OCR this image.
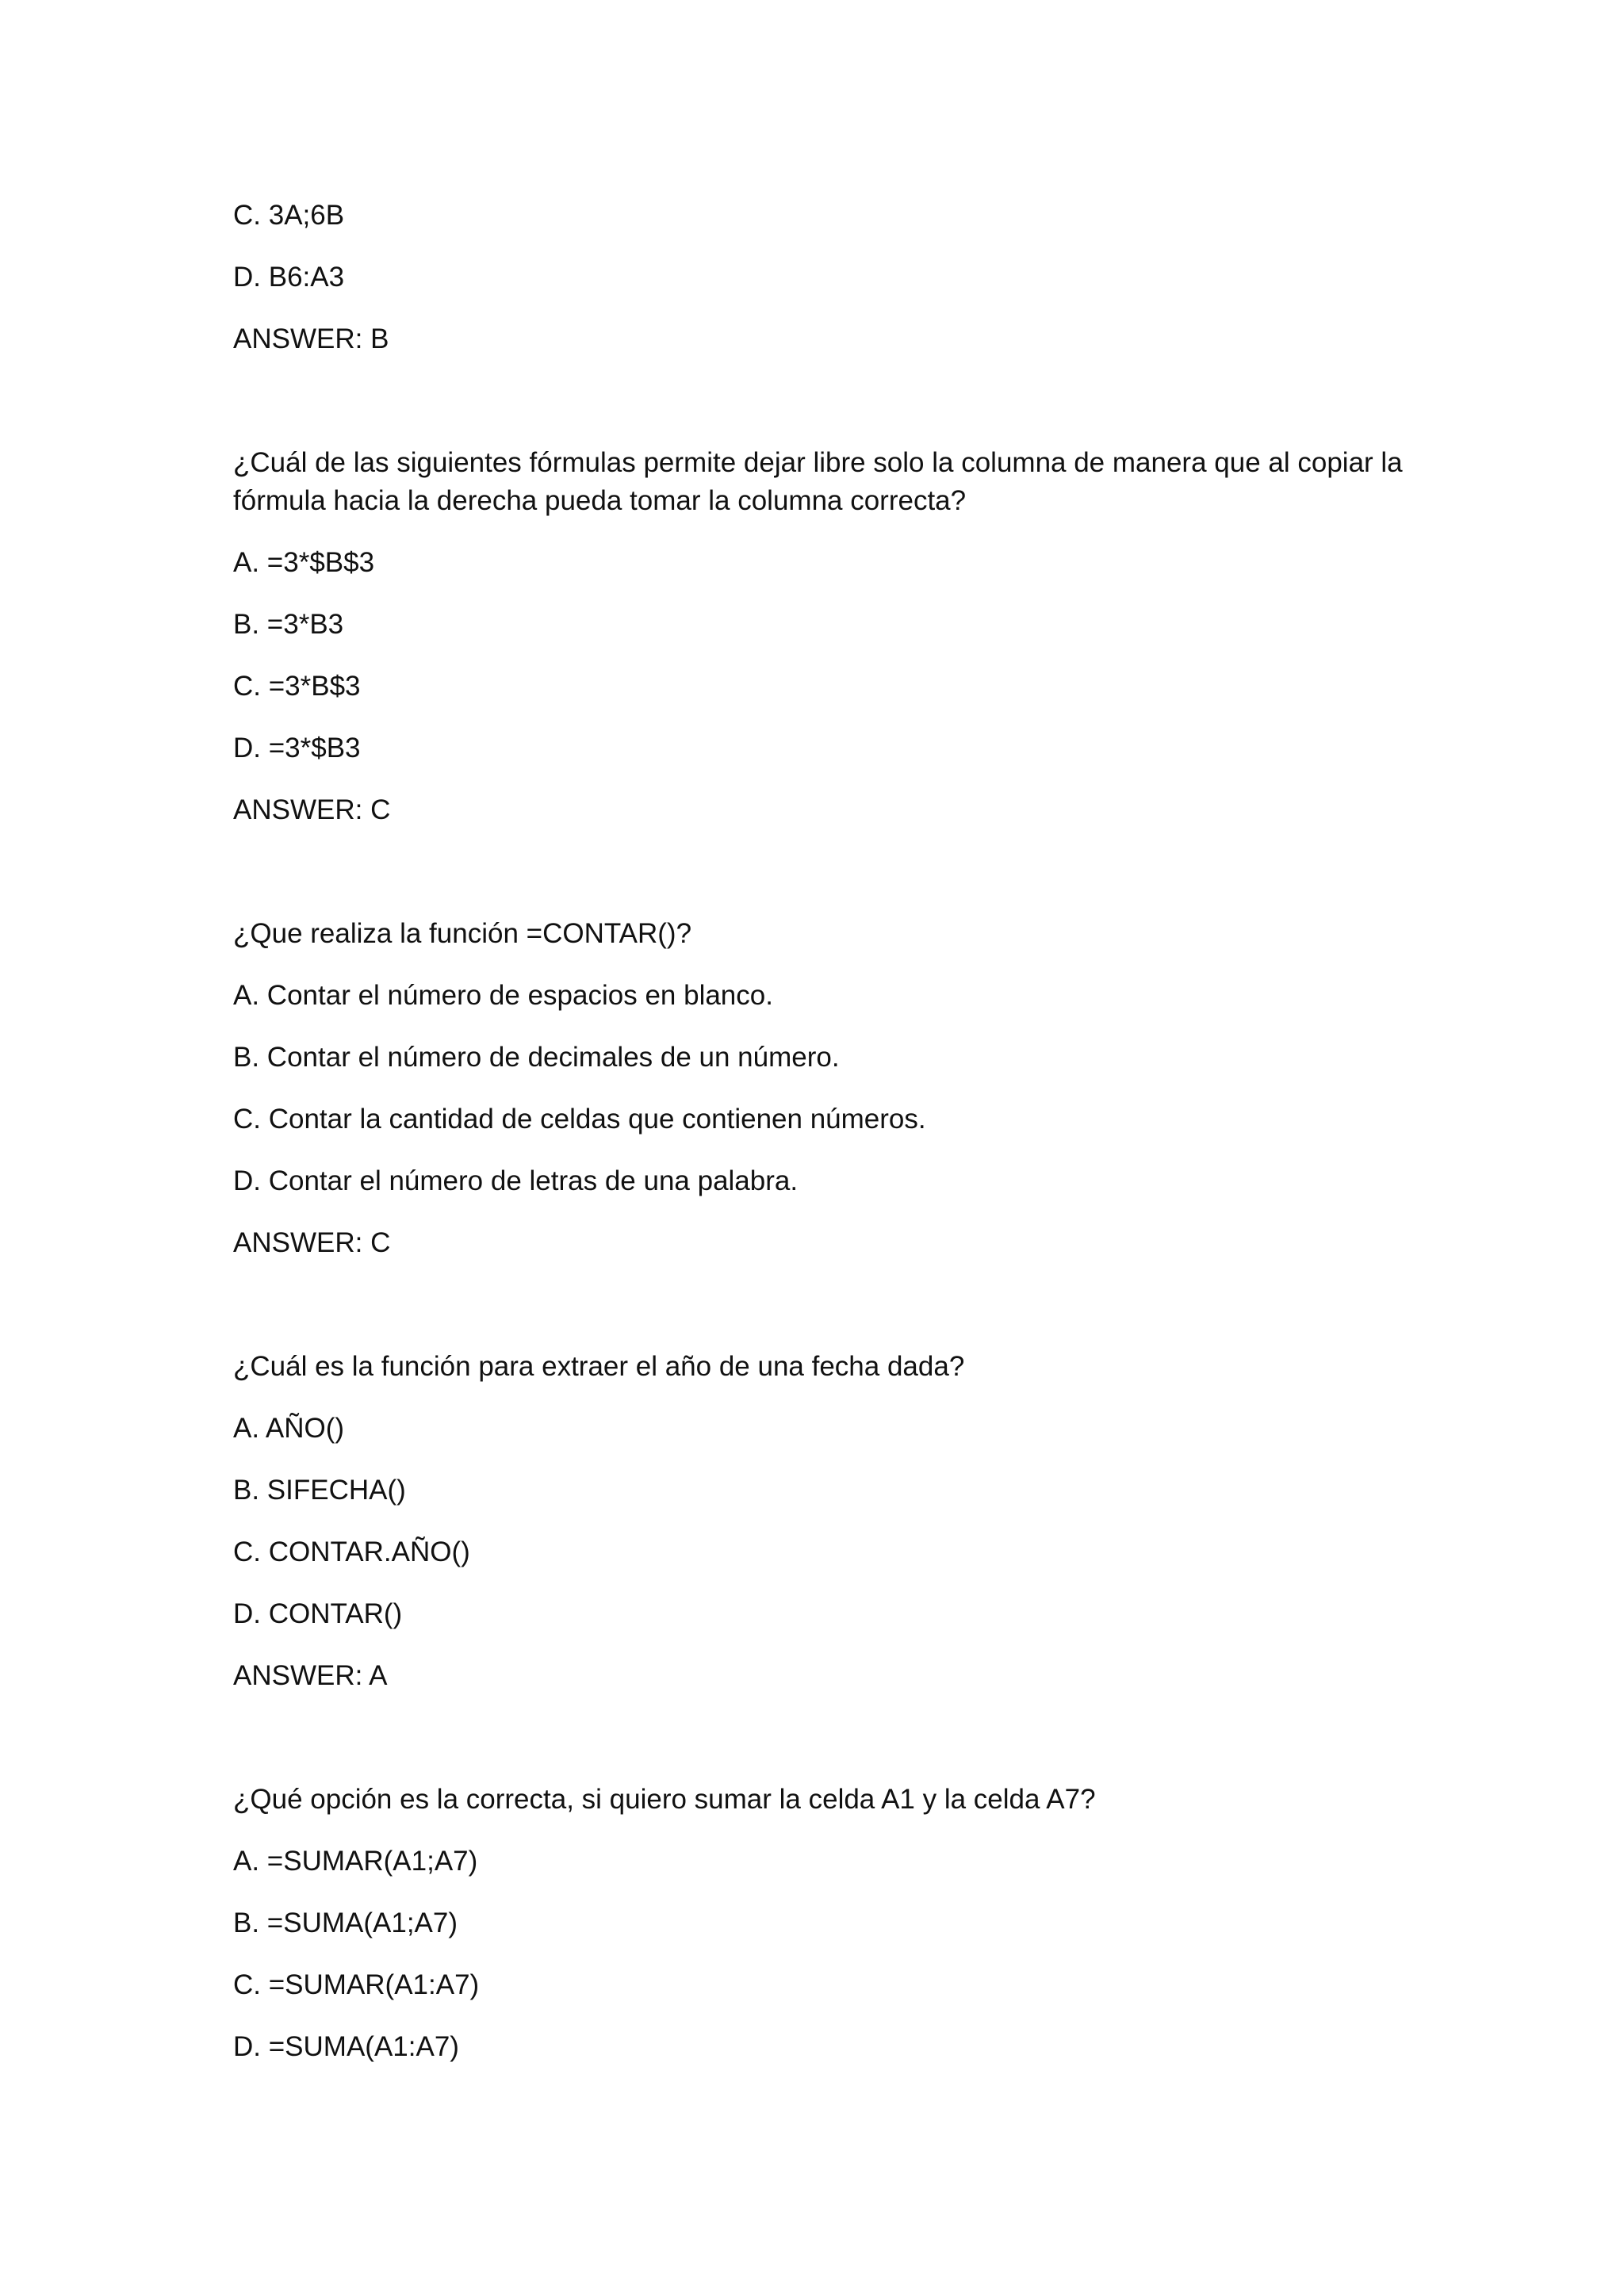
C. 3A;6B

D. B6:A3

ANSWER: B

¿Cuál de las siguientes fórmulas permite dejar libre solo la columna de manera que al copiar la fórmula hacia la derecha pueda tomar la columna correcta?

A. =3*$B$3

B. =3*B3

C. =3*B$3

D. =3*$B3

ANSWER: C

¿Que realiza la función =CONTAR()?

A. Contar el número de espacios en blanco.

B. Contar el número de decimales de un número.

C. Contar la cantidad de celdas que contienen números.

D. Contar el número de letras de una palabra.

ANSWER: C

¿Cuál es la función para extraer el año de una fecha dada?

A. AÑO()

B. SIFECHA()

C. CONTAR.AÑO()

D. CONTAR()

ANSWER: A

¿Qué opción es la correcta, si quiero sumar la celda A1 y la celda A7?

A. =SUMAR(A1;A7)

B. =SUMA(A1;A7)

C. =SUMAR(A1:A7)

D. =SUMA(A1:A7)
